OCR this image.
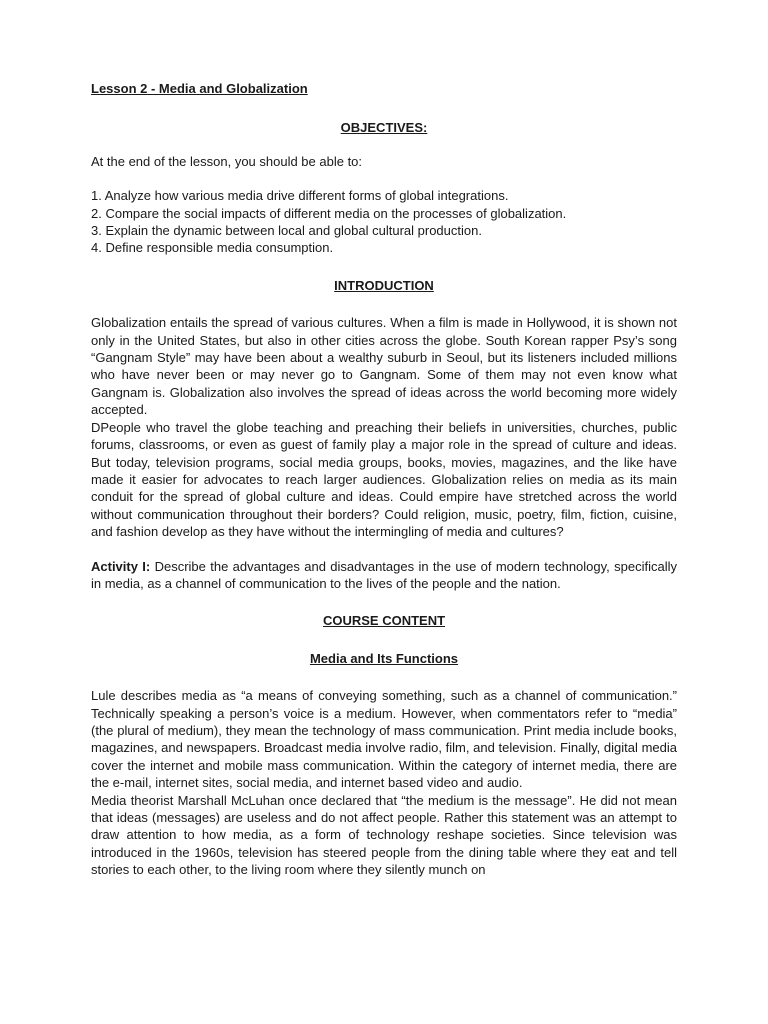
Lesson 2 - Media and Globalization
OBJECTIVES:

At the end of the lesson, you should be able to:

1. Analyze how various media drive different forms of global integrations.
2. Compare the social impacts of different media on the processes of globalization.
3. Explain the dynamic between local and global cultural production.
4. Define responsible media consumption.
INTRODUCTION

Globalization entails the spread of various cultures. When a film is made in Hollywood, it is shown not only in the United States, but also in other cities across the globe. South Korean rapper Psy’s song “Gangnam Style” may have been about a wealthy suburb in Seoul, but its listeners included millions who have never been or may never go to Gangnam. Some of them may not even know what Gangnam is. Globalization also involves the spread of ideas across the world becoming more widely accepted.

DPeople who travel the globe teaching and preaching their beliefs in universities, churches, public forums, classrooms, or even as guest of family play a major role in the spread of culture and ideas. But today, television programs, social media groups, books, movies, magazines, and the like have made it easier for advocates to reach larger audiences. Globalization relies on media as its main conduit for the spread of global culture and ideas. Could empire have stretched across the world without communication throughout their borders? Could religion, music, poetry, film, fiction, cuisine, and fashion develop as they have without the intermingling of media and cultures?

Activity I: Describe the advantages and disadvantages in the use of modern technology, specifically in media, as a channel of communication to the lives of the people and the nation.

COURSE CONTENT
Media and Its Functions

Lule describes media as “a means of conveying something, such as a channel of communication.” Technically speaking a person’s voice is a medium. However, when commentators refer to “media” (the plural of medium), they mean the technology of mass communication. Print media include books, magazines, and newspapers. Broadcast media involve radio, film, and television. Finally, digital media cover the internet and mobile mass communication. Within the category of internet media, there are the e-mail, internet sites, social media, and internet based video and audio.

Media theorist Marshall McLuhan once declared that “the medium is the message”. He did not mean that ideas (messages) are useless and do not affect people. Rather this statement was an attempt to draw attention to how media, as a form of technology reshape societies. Since television was introduced in the 1960s, television has steered people from the dining table where they eat and tell stories to each other, to the living room where they silently munch on
